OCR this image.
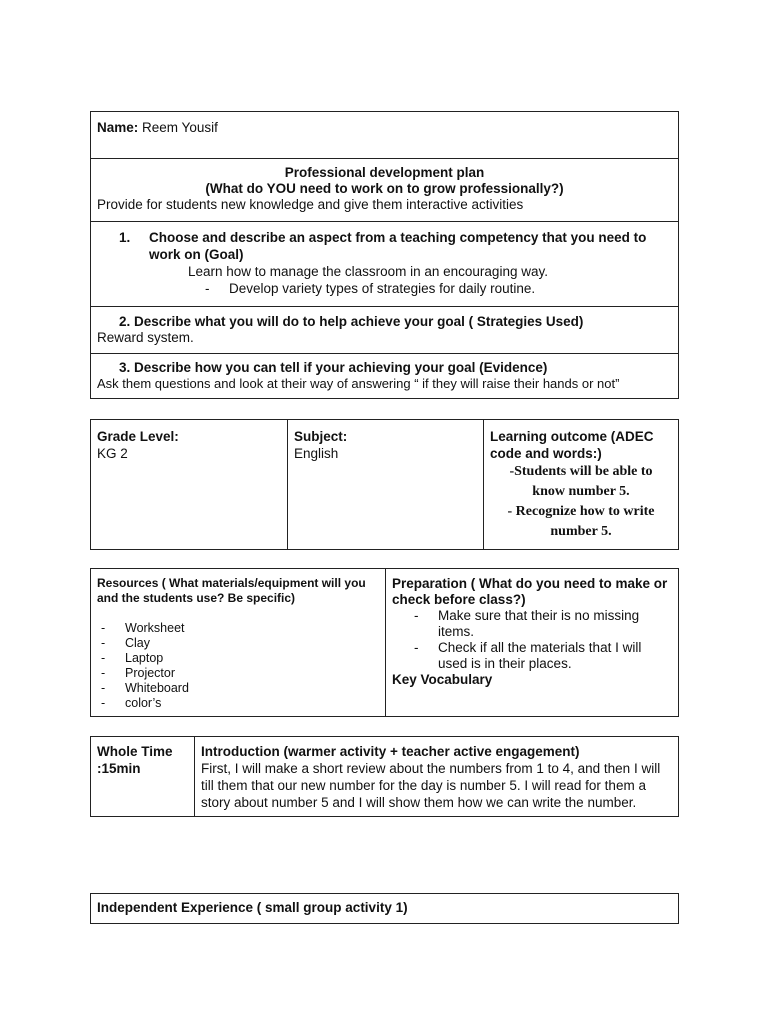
Name: Reem Yousif
Professional development plan
(What do YOU need to work on to grow professionally?)
Provide for students new knowledge and give them interactive activities
1.	Choose and describe an aspect from a teaching competency that you need to
work on (Goal)
Learn how to manage the classroom in an encouraging way.
- Develop variety types of strategies for daily routine.
2. Describe what you will do to help achieve your goal ( Strategies Used)
Reward system.
3. Describe how you can tell if your achieving your goal (Evidence)
Ask them questions and look at their way of answering “ if they will raise their hands or not”
Grade Level:
KG 2
Subject:
English
Learning outcome (ADEC
code and words:)
-Students will be able to
know number 5.
- Recognize how to write
number 5.
Resources ( What materials/equipment will you and the students use? Be specific)
- Worksheet
- Clay
- Laptop
- Projector
- Whiteboard
- color’s
Preparation ( What do you need to make or check before class?)
- Make sure that their is no missing items.
- Check if all the materials that I will used is in their places.
Key Vocabulary
Whole Time :15min
Introduction (warmer activity + teacher active engagement)
First, I will make a short review about the numbers from 1 to 4, and then I will till them that our new number for the day is number 5. I will read for them a story about number 5 and I will show them how we can write the number.
Independent Experience ( small group activity 1)
